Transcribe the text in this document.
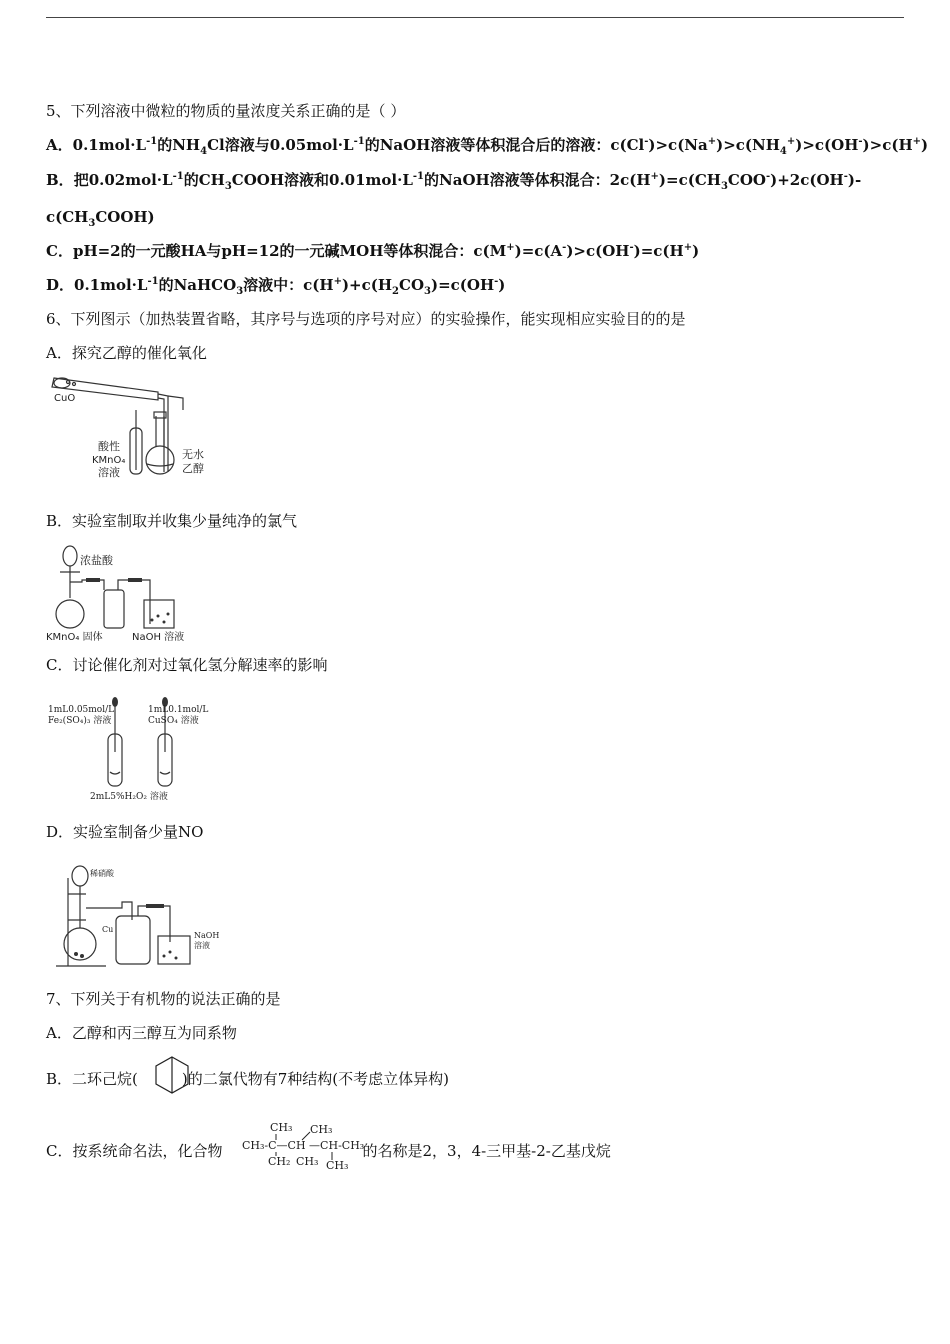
5、下列溶液中微粒的物质的量浓度关系正确的是（ ）
A．$0.1mol\cdot L^{-1}$的$NH_4Cl$溶液与$0.05mol\cdot L^{-1}$的NaOH溶液等体积混合后的溶液：$c(Cl^-)>c(Na^+)>c(NH_4^+)>c(OH^-)>c(H^+)$
B．把$0.02mol\cdot L^{-1}$的$CH_3COOH$溶液和$0.01mol\cdot L^{-1}$的NaOH溶液等体积混合：$2c(H^+)=c(CH_3COO^-)+2c(OH^-)-$
$c(CH_3COOH)$
C．pH=2的一元酸HA与pH=12的一元碱MOH等体积混合：c(M+)=c(A-)>c(OH-)=c(H+)
D．$0.1mol\cdot L^{-1}$的NaHCO$_3$溶液中：$c(H^+)+c(H_2CO_3)=c(OH^-)$
6、下列图示（加热装置省略，其序号与选项的序号对应）的实验操作，能实现相应实验目的的是
A．探究乙醇的催化氧化
CuO
酸性
KMnO₄
溶液
无水
乙醇
B．实验室制取并收集少量纯净的氯气
浓盐酸
KMnO₄ 固体	NaOH 溶液
C．讨论催化剂对过氧化氢分解速率的影响
1mL0.05mol/L
Fe₂(SO₄)₃ 溶液
1mL0.1mol/L
CuSO₄ 溶液
2mL5%H₂O₂ 溶液
D．实验室制备少量NO
稀硝酸
Cu
NaOH
溶液
7、下列关于有机物的说法正确的是
A．乙醇和丙三醇互为同系物
B．二环己烷(	)的二氯代物有7种结构(不考虑立体异构)
C．按系统命名法，化合物	的名称是2，3，4-三甲基-2-乙基戊烷
CH₃ CH₃
CH₃-C—CH —CH-CH₃
CH₂ CH₃ CH₃
